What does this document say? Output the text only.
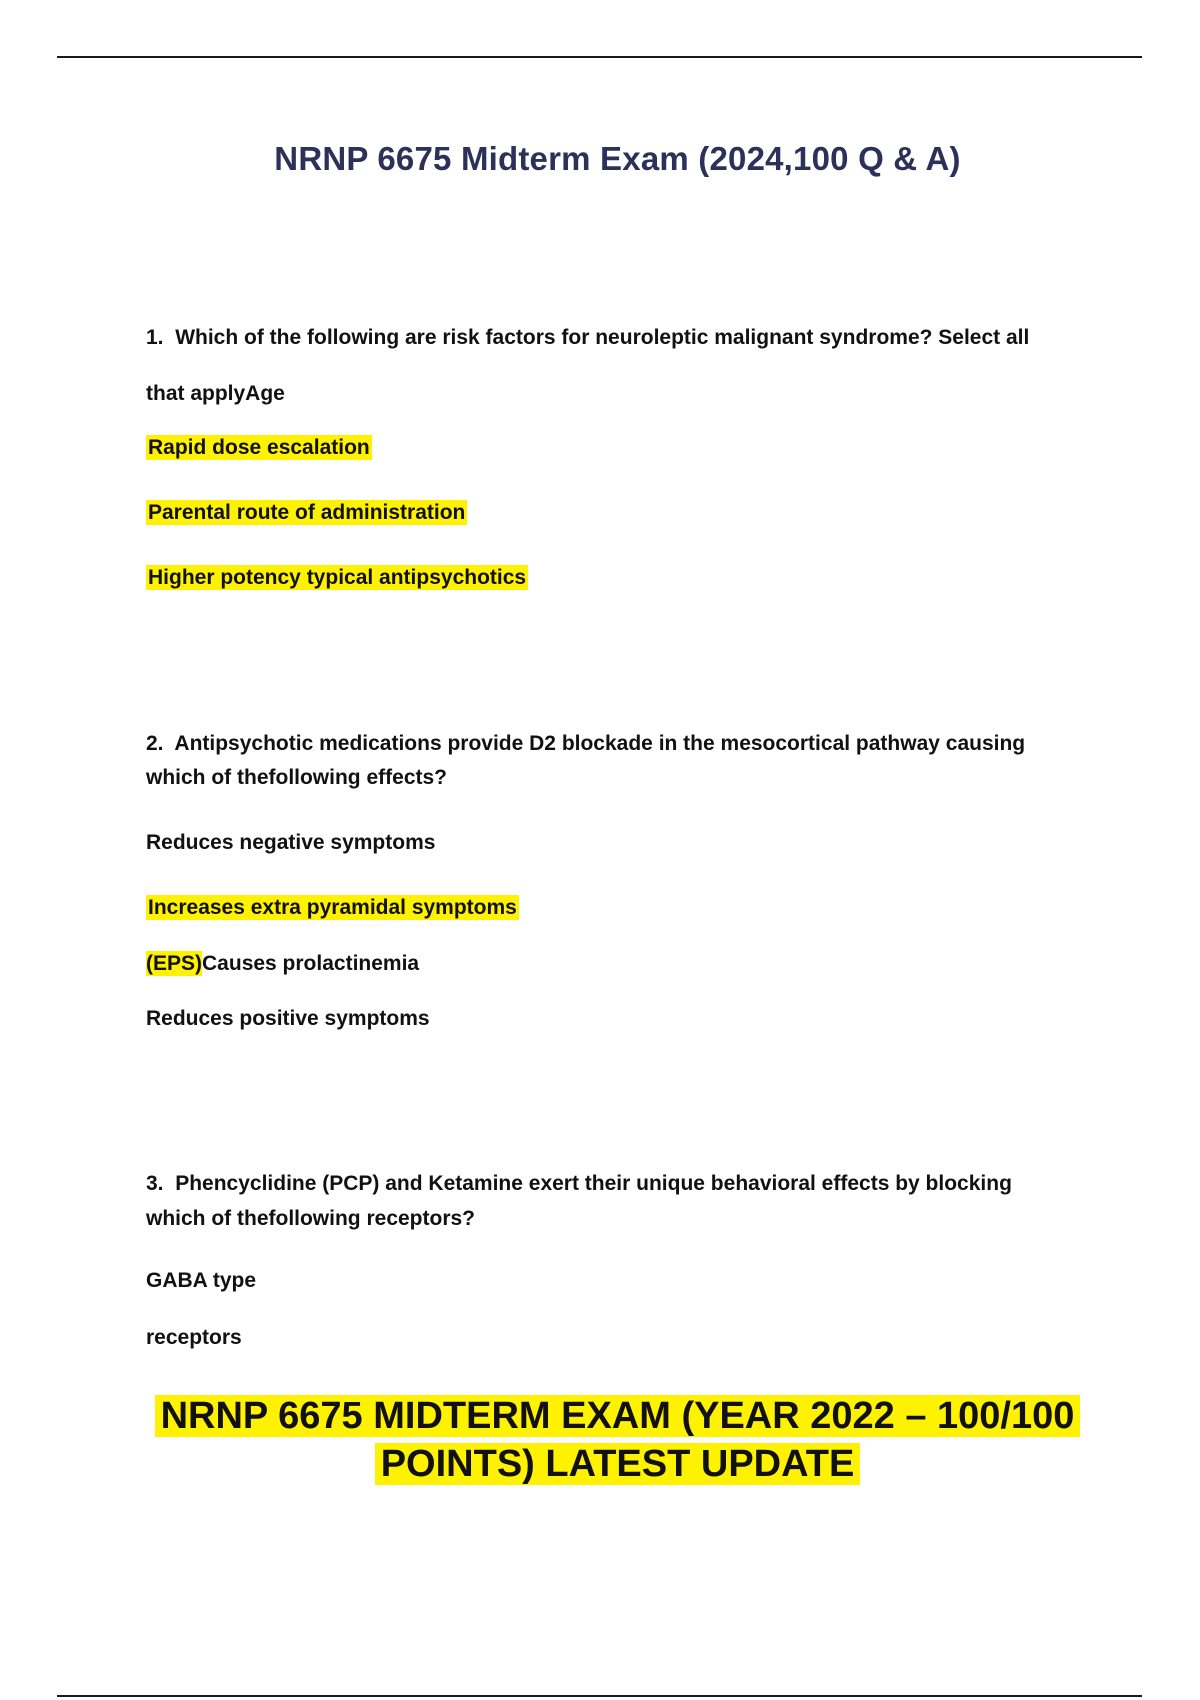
NRNP 6675 Midterm Exam (2024,100 Q & A)
1. Which of the following are risk factors for neuroleptic malignant syndrome? Select all
that applyAge
Rapid dose escalation
Parental route of administration
Higher potency typical antipsychotics
2. Antipsychotic medications provide D2 blockade in the mesocortical pathway causing
which of thefollowing effects?
Reduces negative symptoms
Increases extra pyramidal symptoms
(EPS)Causes prolactinemia
Reduces positive symptoms
3. Phencyclidine (PCP) and Ketamine exert their unique behavioral effects by blocking
which of thefollowing receptors?
GABA type
receptors
NRNP 6675 MIDTERM EXAM (YEAR 2022 – 100/100
POINTS) LATEST UPDATE
